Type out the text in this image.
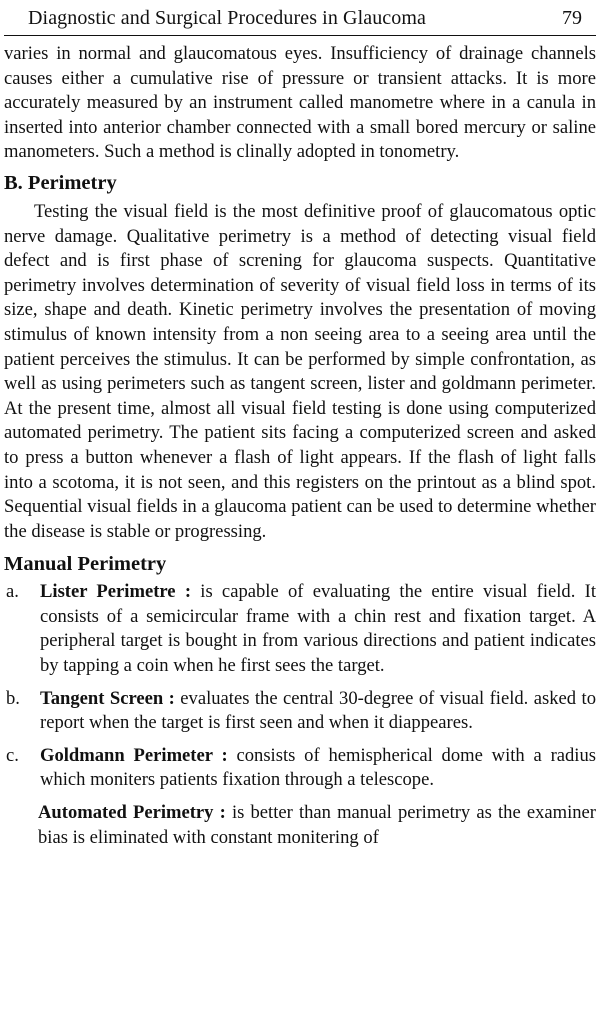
Diagnostic and Surgical Procedures in Glaucoma	79

varies in normal and glaucomatous eyes. Insufficiency of drainage channels causes either a cumulative rise of pressure or transient attacks. It is more accurately measured by an instrument called manometre where in a canula in inserted into anterior chamber connected with a small bored mercury or saline manometers. Such a method is clinally adopted in tonometry.

B. Perimetry

Testing the visual field is the most definitive proof of glaucomatous optic nerve damage. Qualitative perimetry is a method of detecting visual field defect and is first phase of screning for glaucoma suspects. Quantitative perimetry involves determination of severity of visual field loss in terms of its size, shape and death. Kinetic perimetry involves the presentation of moving stimulus of known intensity from a non seeing area to a seeing area until the patient perceives the stimulus. It can be performed by simple confrontation, as well as using perimeters such as tangent screen, lister and goldmann perimeter. At the present time, almost all visual field testing is done using computerized automated perimetry. The patient sits facing a computerized screen and asked to press a button whenever a flash of light appears. If the flash of light falls into a scotoma, it is not seen, and this registers on the printout as a blind spot. Sequential visual fields in a glaucoma patient can be used to determine whether the disease is stable or progressing.

Manual Perimetry
a.	Lister Perimetre : is capable of evaluating the entire visual field. It consists of a semicircular frame with a chin rest and fixation target. A peripheral target is bought in from various directions and patient indicates by tapping a coin when he first sees the target.
b.	Tangent Screen : evaluates the central 30-degree of visual field. asked to report when the target is first seen and when it diappeares.
c.	Goldmann Perimeter : consists of hemispherical dome with a radius which moniters patients fixation through a telescope.

Automated Perimetry : is better than manual perimetry as the examiner bias is eliminated with constant monitering of
